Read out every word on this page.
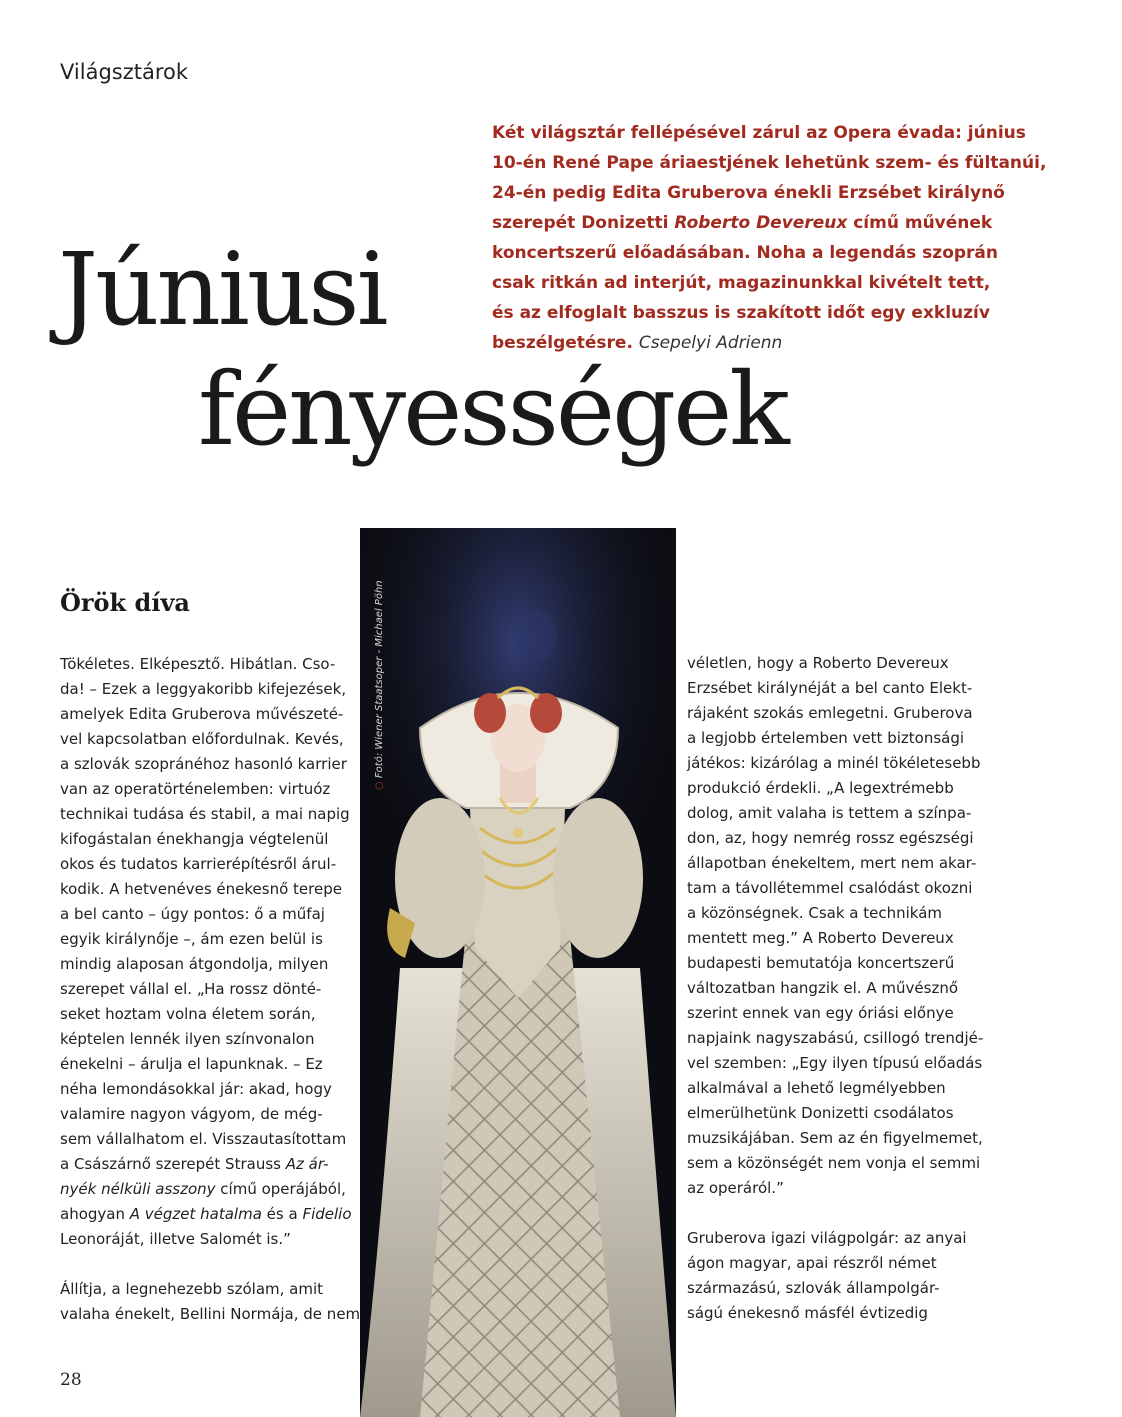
Világsztárok

Két világsztár fellépésével zárul az Opera évada: június

10-én René Pape áriaestjének lehetünk szem- és fültanúi,

24-én pedig Edita Gruberova énekli Erzsébet királynő

szerepét Donizetti Roberto Devereux című művének

koncertszerű előadásában. Noha a legendás szoprán

csak ritkán ad interjút, magazinunkkal kivételt tett,

és az elfoglalt basszus is szakított időt egy exkluzív

beszélgetésre. Csepelyi Adrienn

Júniusi
fényességek
○ Fotó: Wiener Staatsoper - Michael Pöhn
Örök díva
Tökéletes. Elképesztő. Hibátlan. Cso-
da! – Ezek a leggyakoribb kifejezések,
amelyek Edita Gruberova művészeté-
vel kapcsolatban előfordulnak. Kevés,
a szlovák szopránéhoz hasonló karrier
van az operatörténelemben: virtuóz
technikai tudása és stabil, a mai napig
kifogástalan énekhangja végtelenül
okos és tudatos karrierépítésről árul-
kodik. A hetvenéves énekesnő terepe
a bel canto – úgy pontos: ő a műfaj
egyik királynője –, ám ezen belül is
mindig alaposan átgondolja, milyen
szerepet vállal el. „Ha rossz dönté-
seket hoztam volna életem során,
képtelen lennék ilyen színvonalon
énekelni – árulja el lapunknak. – Ez
néha lemondásokkal jár: akad, hogy
valamire nagyon vágyom, de még-
sem vállalhatom el. Visszautasítottam
a Császárnő szerepét Strauss Az ár-
nyék nélküli asszony című operájából,
ahogyan A végzet hatalma és a Fidelio
Leonoráját, illetve Salomét is.”
Állítja, a legnehezebb szólam, amit
valaha énekelt, Bellini Normája, de nem
véletlen, hogy a Roberto Devereux
Erzsébet királynéját a bel canto Elekt-
rájaként szokás emlegetni. Gruberova
a legjobb értelemben vett biztonsági
játékos: kizárólag a minél tökéletesebb
produkció érdekli. „A legextrémebb
dolog, amit valaha is tettem a színpa-
don, az, hogy nemrég rossz egészségi
állapotban énekeltem, mert nem akar-
tam a távollétemmel csalódást okozni
a közönségnek. Csak a technikám
mentett meg.” A Roberto Devereux
budapesti bemutatója koncertszerű
változatban hangzik el. A művésznő
szerint ennek van egy óriási előnye
napjaink nagyszabású, csillogó trendjé-
vel szemben: „Egy ilyen típusú előadás
alkalmával a lehető legmélyebben
elmerülhetünk Donizetti csodálatos
muzsikájában. Sem az én figyelmemet,
sem a közönségét nem vonja el semmi
az operáról.”
Gruberova igazi világpolgár: az anyai
ágon magyar, apai részről német
származású, szlovák állampolgár-
ságú énekesnő másfél évtizedig
28
